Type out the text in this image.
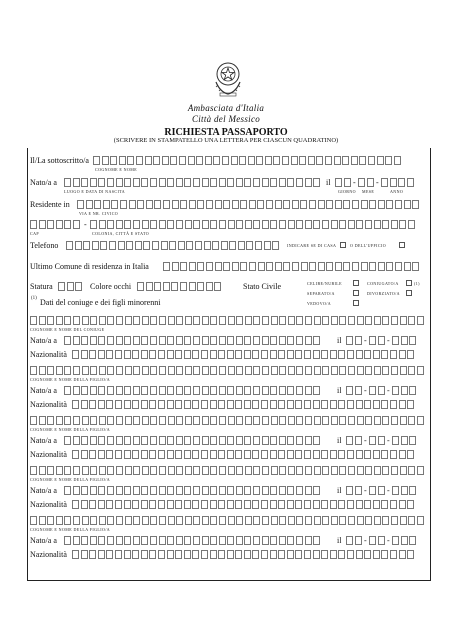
Ambasciata d'Italia
Città del Messico
RICHIESTA PASSAPORTO
(SCRIVERE IN STAMPATELLO UNA LETTERA PER CIASCUN QUADRATINO)
Il/La sottoscritto/a
COGNOME E NOME
Nato/a a	il	-	-
LUOGO E DATA DI NASCITA	GIORNO MESE	ANNO
Residente in
VIA E NR. CIVICO
-
CAP	COLONIA, CITTÀ E STATO
Telefono	INDICARE SE DI CASA	O DELL'UFFICIO
Ultimo Comune di residenza in Italia
Statura	Colore occhi	Stato Civile	CELIBE/NUBILE	CONIUGATO/A	(1)
SEPARATO/A	DIVORZIATO/A
VEDOVO/A
(1) Dati del coniuge e dei figli minorenni
COGNOME E NOME DEL CONIUGE
Nato/a a	il	-	-
Nazionalità
COGNOME E NOME DELLA FIGLIO/A
Nato/a a	il	-	-
Nazionalità
COGNOME E NOME DELLA FIGLIO/A
Nato/a a	il	-	-
Nazionalità
COGNOME E NOME DELLA FIGLIO/A
Nato/a a	il	-	-
Nazionalità
COGNOME E NOME DELLA FIGLIO/A
Nato/a a	il	-	-
Nazionalità
